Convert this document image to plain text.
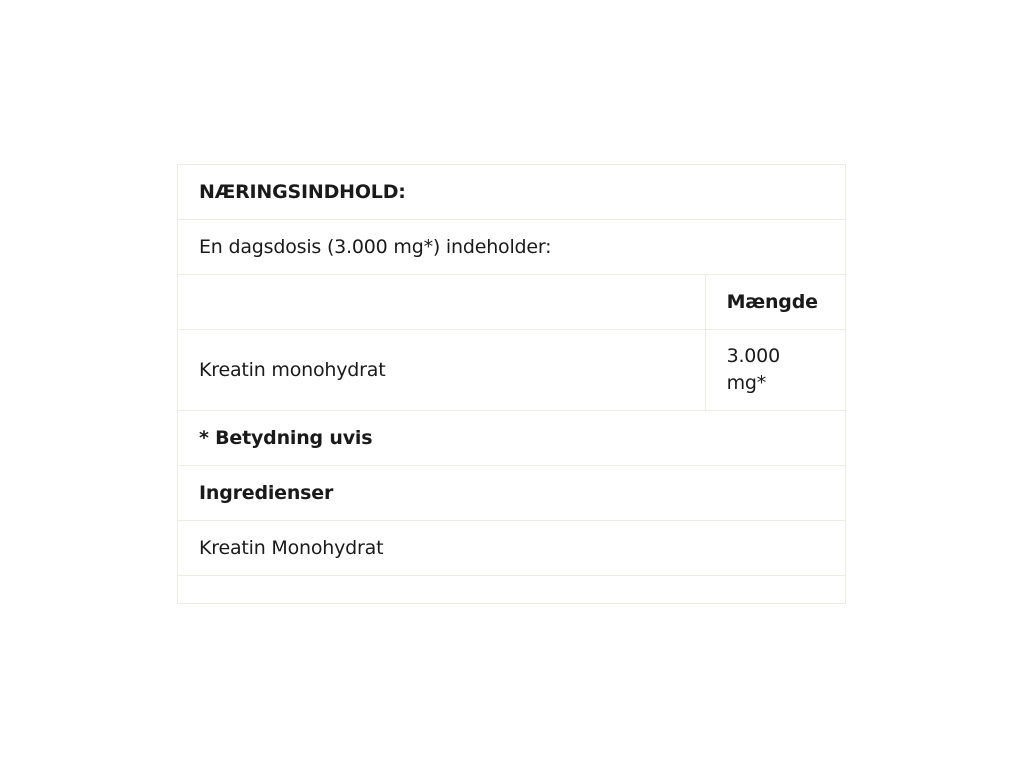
NÆRINGSINDHOLD:	
En dagsdosis (3.000 mg*) indeholder:	
	Mængde
Kreatin monohydrat	3.000
mg*
* Betydning uvis	
Ingredienser	
Kreatin Monohydrat	
